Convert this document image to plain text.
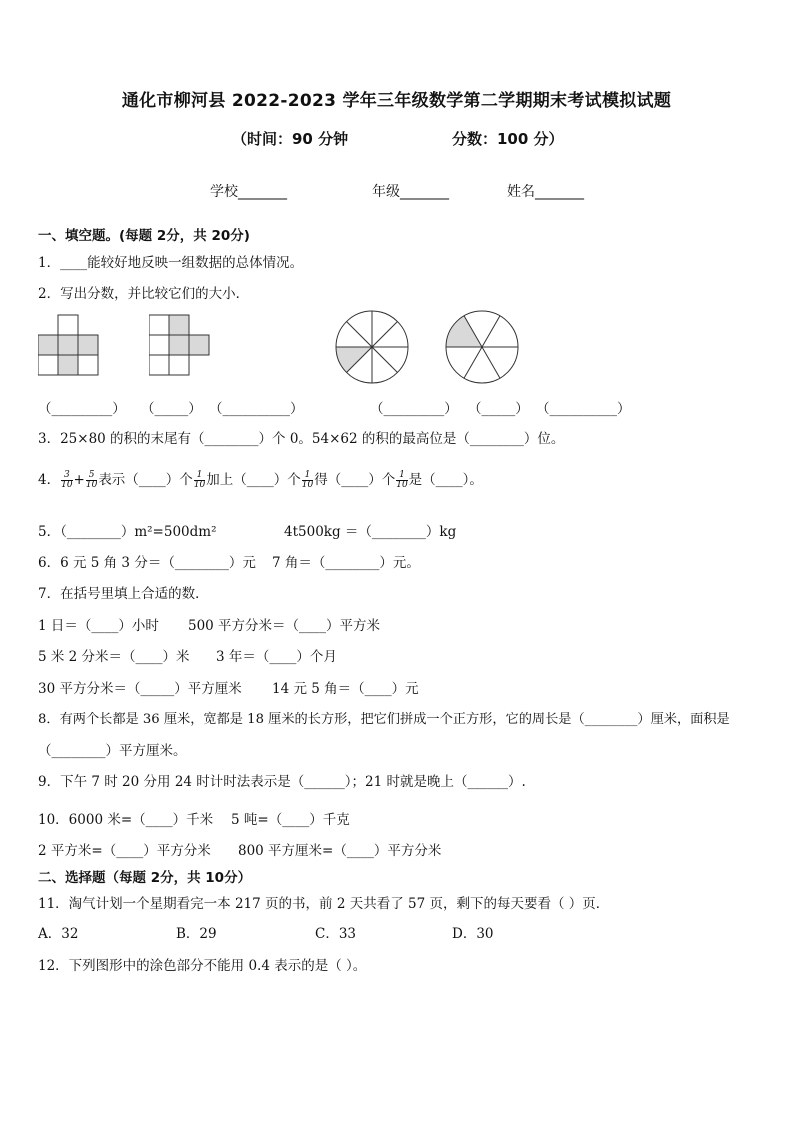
通化市柳河县 2022-2023 学年三年级数学第二学期期末考试模拟试题
（时间：90 分钟	分数：100 分）
学校_______	年级_______	姓名_______
一、填空题。(每题 2分，共 20分)
1．____能较好地反映一组数据的总体情况。
2．写出分数，并比较它们的大小．
（_________） （_____） （__________）	（_________） （_____） （__________）
3．25×80 的积的末尾有（________）个 0。54×62 的积的最高位是（________）位。
4． $\frac{3}{10} + \frac{5}{10}$ 表示（____）个 $\frac{1}{10}$ 加上（____）个 $\frac{1}{10}$ 得（____）个 $\frac{1}{10}$ 是（____）。
5．（________）m²=500dm²	4t500kg ＝（________）kg
6．6 元 5 角 3 分＝（________）元 7 角＝（________）元。
7．在括号里填上合适的数．
1 日＝（____）小时 500 平方分米＝（____）平方米
5 米 2 分米＝（____）米 3 年＝（____）个月
30 平方分米＝（_____）平方厘米 14 元 5 角＝（____）元
8．有两个长都是 36 厘米，宽都是 18 厘米的长方形，把它们拼成一个正方形，它的周长是（________）厘米，面积是
（________）平方厘米。
9．下午 7 时 20 分用 24 时计时法表示是（______）；21 时就是晚上（______）.
10．6000 米=（____）千米 5 吨=（____）千克
2 平方米=（____）平方分米 800 平方厘米=（____）平方分米
二、选择题（每题 2分，共 10分）
11．淘气计划一个星期看完一本 217 页的书，前 2 天共看了 57 页，剩下的每天要看（ ）页．
A．32	B．29	C．33	D．30
12．下列图形中的涂色部分不能用 0.4 表示的是（ ）。
